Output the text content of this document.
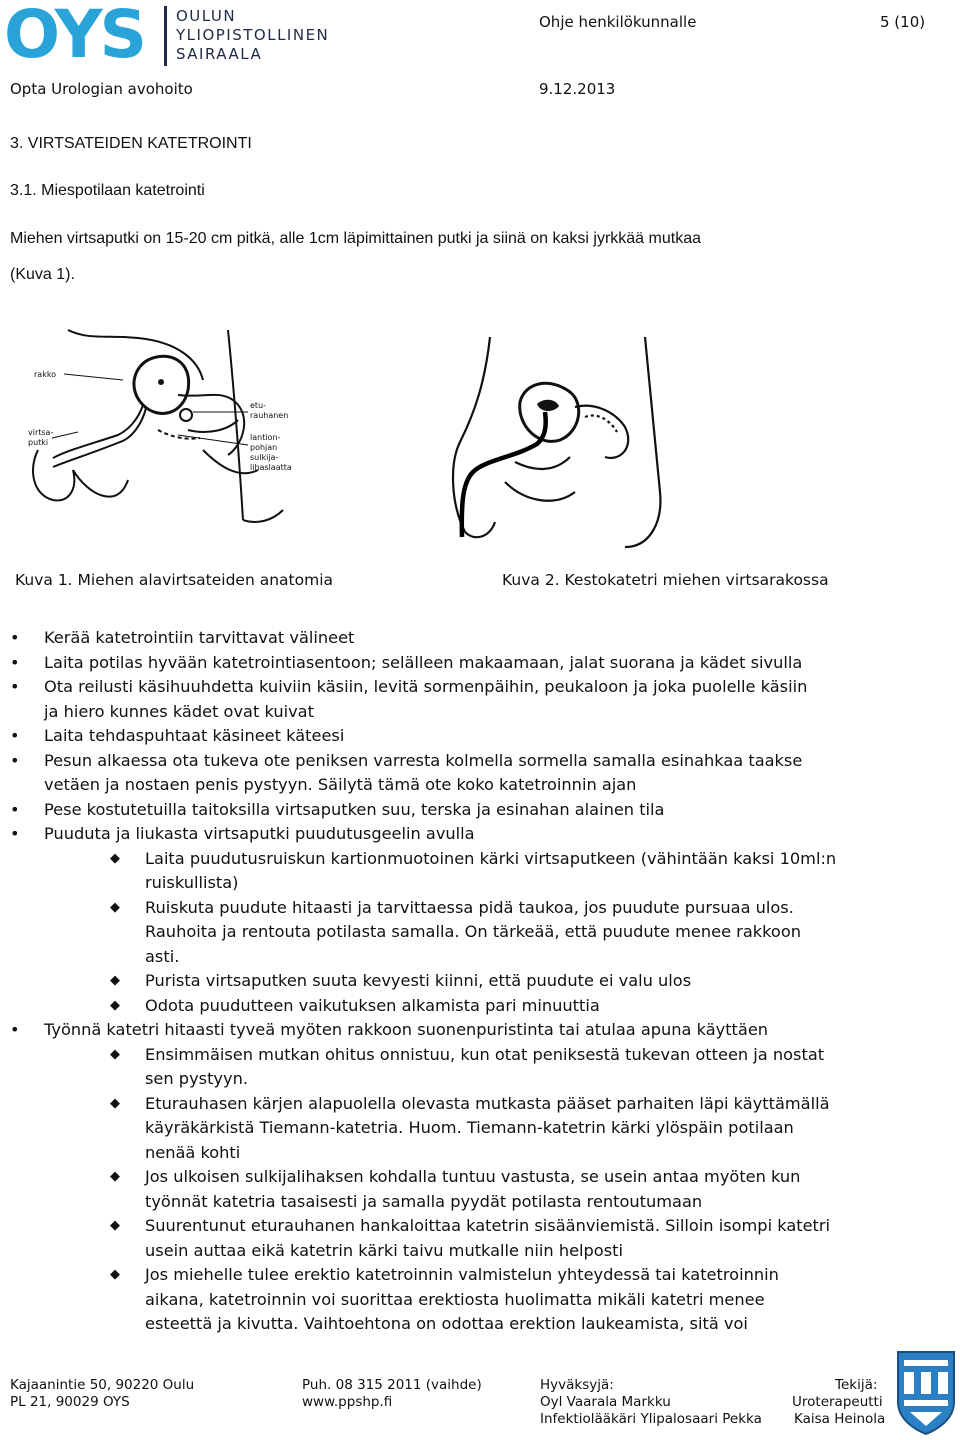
OYS OULUN
YLIOPISTOLLINEN
SAIRAALA
Ohje henkilökunnalle	5 (10)
Opta Urologian avohoito	9.12.2013
3. VIRTSATEIDEN KATETROINTI
3.1. Miespotilaan katetrointi
Miehen virtsaputki on 15-20 cm pitkä, alle 1cm läpimittainen putki ja siinä on kaksi jyrkkää mutkaa
(Kuva 1).
rakko
virtsa-
putki
etu-
rauhanen
lantion-
pohjan
sulkija-
lihaslaatta
Kuva 1. Miehen alavirtsateiden anatomia	Kuva 2. Kestokatetri miehen virtsarakossa
•	Kerää katetrointiin tarvittavat välineet
•	Laita potilas hyvään katetrointiasentoon; selälleen makaamaan, jalat suorana ja kädet sivulla
•	Ota reilusti käsihuuhdetta kuiviin käsiin, levitä sormenpäihin, peukaloon ja joka puolelle käsiin
ja hiero kunnes kädet ovat kuivat
•	Laita tehdaspuhtaat käsineet käteesi
•	Pesun alkaessa ota tukeva ote peniksen varresta kolmella sormella samalla esinahkaa taakse
vetäen ja nostaen penis pystyyn. Säilytä tämä ote koko katetroinnin ajan
•	Pese kostutetuilla taitoksilla virtsaputken suu, terska ja esinahan alainen tila
•	Puuduta ja liukasta virtsaputki puudutusgeelin avulla
◆	Laita puudutusruiskun kartionmuotoinen kärki virtsaputkeen (vähintään kaksi 10ml:n
ruiskullista)
◆	Ruiskuta puudute hitaasti ja tarvittaessa pidä taukoa, jos puudute pursuaa ulos.
Rauhoita ja rentouta potilasta samalla. On tärkeää, että puudute menee rakkoon
asti.
◆	Purista virtsaputken suuta kevyesti kiinni, että puudute ei valu ulos
◆	Odota puudutteen vaikutuksen alkamista pari minuuttia
•	Työnnä katetri hitaasti tyveä myöten rakkoon suonenpuristinta tai atulaa apuna käyttäen
◆	Ensimmäisen mutkan ohitus onnistuu, kun otat peniksestä tukevan otteen ja nostat
sen pystyyn.
◆	Eturauhasen kärjen alapuolella olevasta mutkasta pääset parhaiten läpi käyttämällä
käyräkärkistä Tiemann-katetria. Huom. Tiemann-katetrin kärki ylöspäin potilaan
nenää kohti
◆	Jos ulkoisen sulkijalihaksen kohdalla tuntuu vastusta, se usein antaa myöten kun
työnnät katetria tasaisesti ja samalla pyydät potilasta rentoutumaan
◆	Suurentunut eturauhanen hankaloittaa katetrin sisäänviemistä. Silloin isompi katetri
usein auttaa eikä katetrin kärki taivu mutkalle niin helposti
◆	Jos miehelle tulee erektio katetroinnin valmistelun yhteydessä tai katetroinnin
aikana, katetroinnin voi suorittaa erektiosta huolimatta mikäli katetri menee
esteettä ja kivutta. Vaihtoehtona on odottaa erektion laukeamista, sitä voi
Kajaanintie 50, 90220 Oulu
PL 21, 90029 OYS
Puh. 08 315 2011 (vaihde)
www.ppshp.fi
Hyväksyjä:
Oyl Vaarala Markku
Infektiolääkäri Ylipalosaari Pekka
Tekijä:
Uroterapeutti
Kaisa Heinola
